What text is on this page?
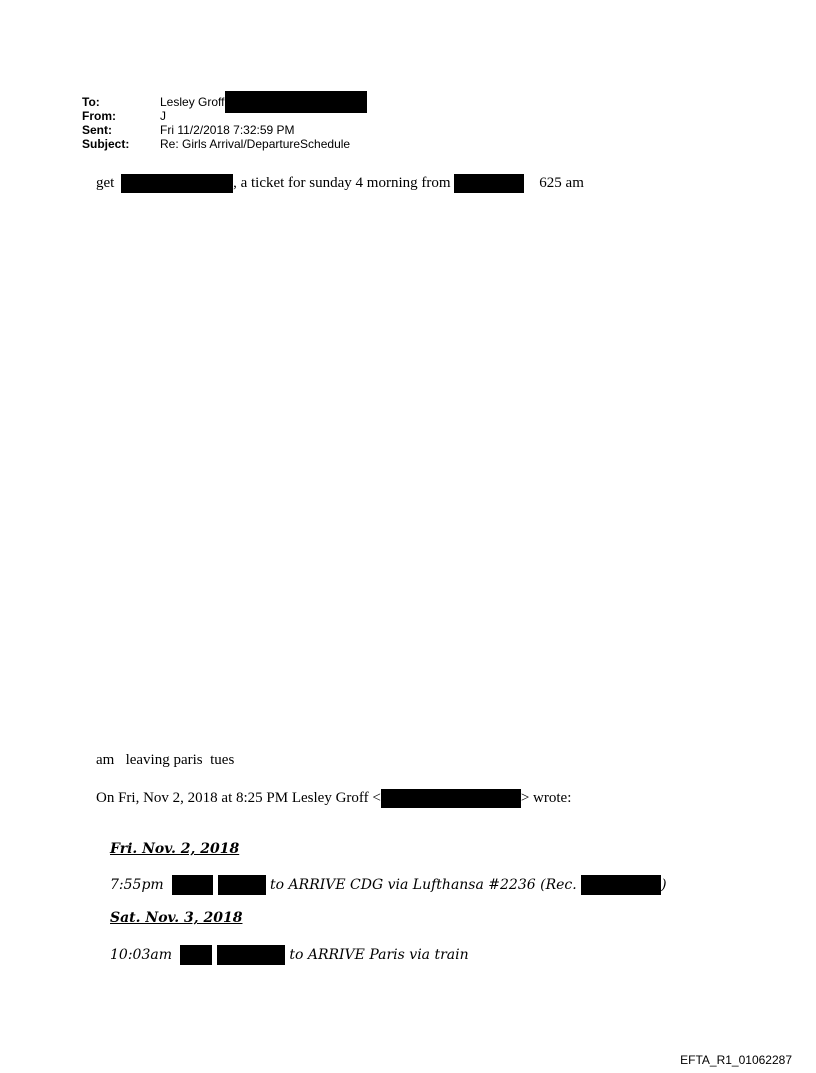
To:	Lesley Groff
From:	J
Sent:	Fri 11/2/2018 7:32:59 PM
Subject:	Re: Girls Arrival/DepartureSchedule
get	, a ticket for sunday 4 morning from	625 am
am   leaving paris  tues
On Fri, Nov 2, 2018 at 8:25 PM Lesley Groff <	> wrote:
Fri. Nov. 2, 2018
7:55pm	to ARRIVE CDG via Lufthansa #2236 (Rec.	)
Sat. Nov. 3, 2018
10:03am	to ARRIVE Paris via train
EFTA_R1_01062287
